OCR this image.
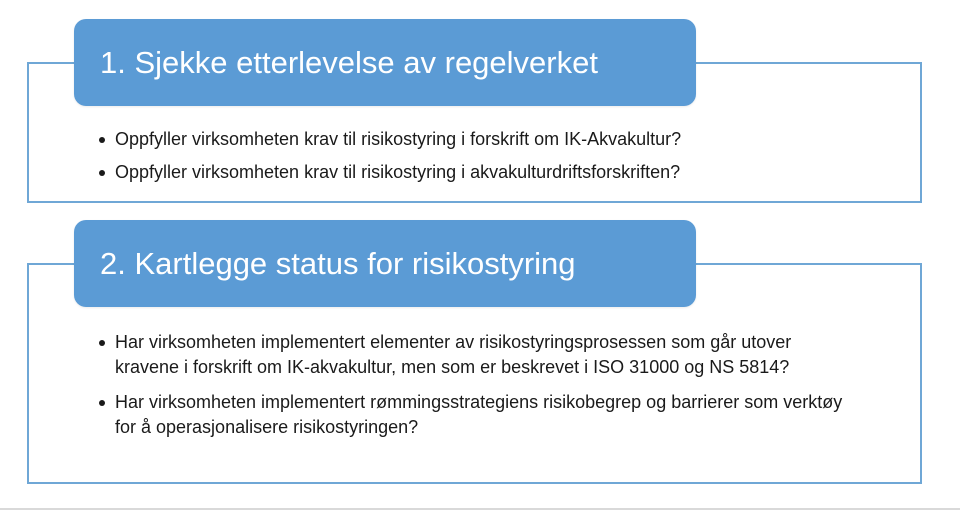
1. Sjekke etterlevelse av regelverket
Oppfyller virksomheten krav til risikostyring i forskrift om IK-Akvakultur?
Oppfyller virksomheten krav til risikostyring i akvakulturdriftsforskriften?
2. Kartlegge status for risikostyring
Har virksomheten implementert elementer av risikostyringsprosessen som går utover kravene i forskrift om IK-akvakultur, men som er beskrevet i ISO 31000 og NS 5814?
Har virksomheten implementert rømmingsstrategiens risikobegrep og barrierer som verktøy for å operasjonalisere risikostyringen?
